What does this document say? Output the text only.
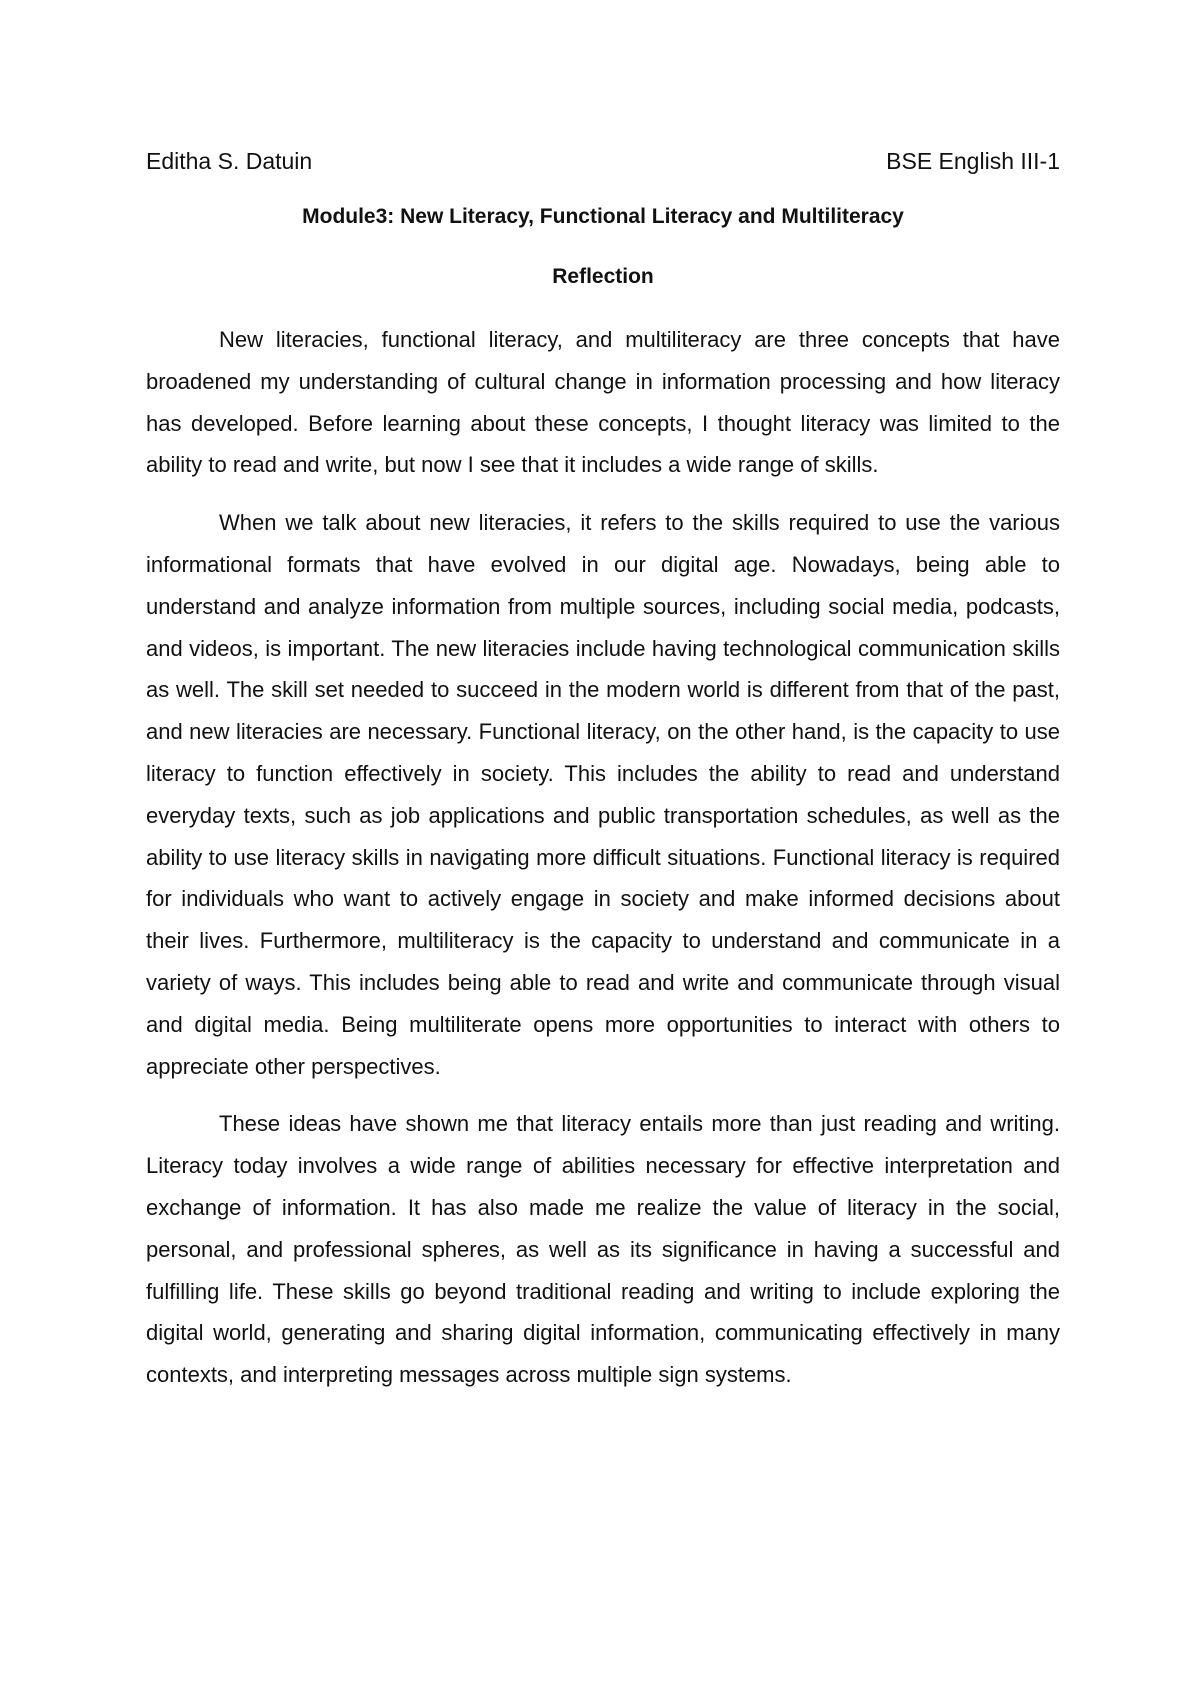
Editha S. Datuin	BSE English III-1
Module3: New Literacy, Functional Literacy and Multiliteracy
Reflection

New literacies, functional literacy, and multiliteracy are three concepts that have broadened my understanding of cultural change in information processing and how literacy has developed. Before learning about these concepts, I thought literacy was limited to the ability to read and write, but now I see that it includes a wide range of skills.

When we talk about new literacies, it refers to the skills required to use the various informational formats that have evolved in our digital age. Nowadays, being able to understand and analyze information from multiple sources, including social media, podcasts, and videos, is important. The new literacies include having technological communication skills as well. The skill set needed to succeed in the modern world is different from that of the past, and new literacies are necessary. Functional literacy, on the other hand, is the capacity to use literacy to function effectively in society. This includes the ability to read and understand everyday texts, such as job applications and public transportation schedules, as well as the ability to use literacy skills in navigating more difficult situations. Functional literacy is required for individuals who want to actively engage in society and make informed decisions about their lives. Furthermore, multiliteracy is the capacity to understand and communicate in a variety of ways. This includes being able to read and write and communicate through visual and digital media. Being multiliterate opens more opportunities to interact with others to appreciate other perspectives.

These ideas have shown me that literacy entails more than just reading and writing. Literacy today involves a wide range of abilities necessary for effective interpretation and exchange of information. It has also made me realize the value of literacy in the social, personal, and professional spheres, as well as its significance in having a successful and fulfilling life. These skills go beyond traditional reading and writing to include exploring the digital world, generating and sharing digital information, communicating effectively in many contexts, and interpreting messages across multiple sign systems.
